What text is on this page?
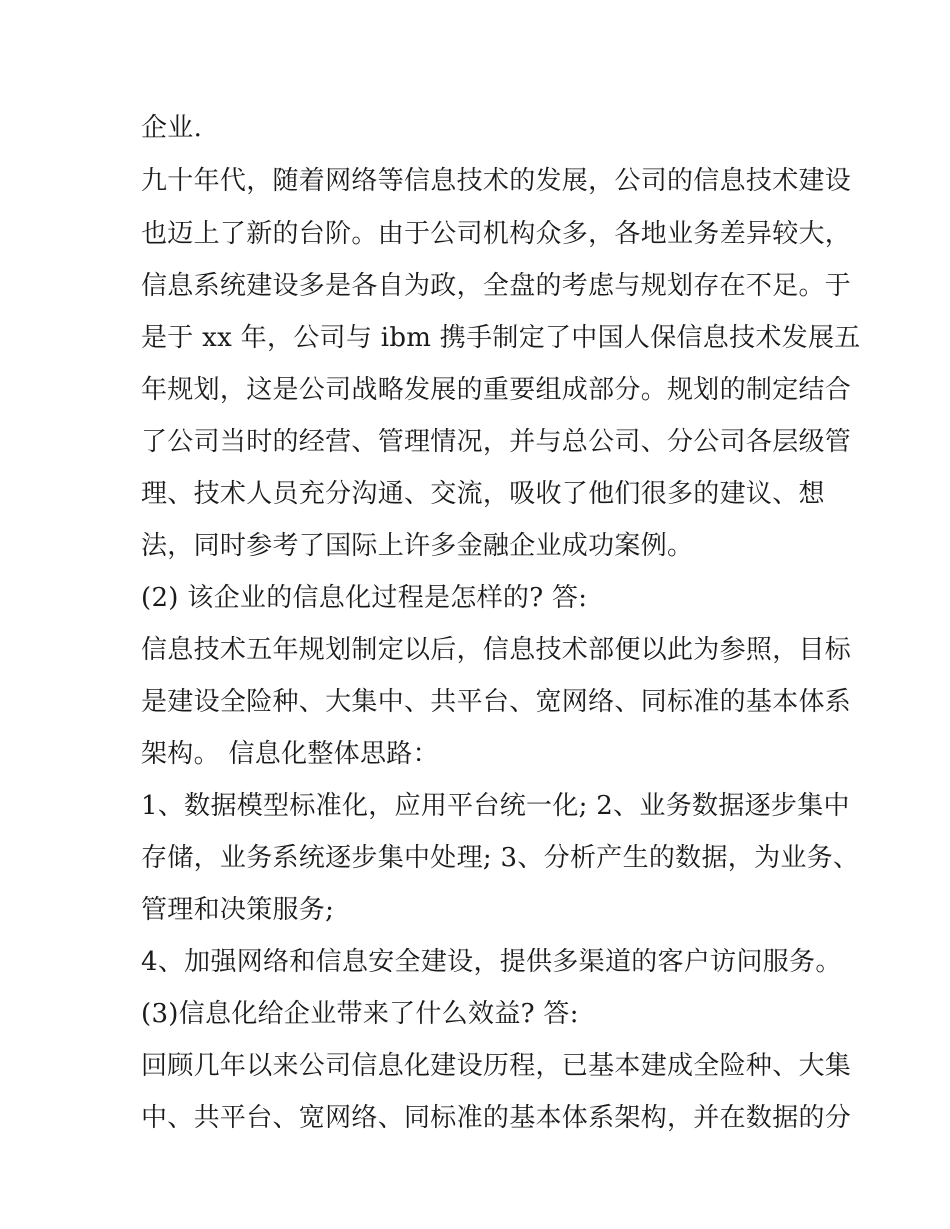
企业.
九十年代，随着网络等信息技术的发展，公司的信息技术建设
也迈上了新的台阶。由于公司机构众多，各地业务差异较大，
信息系统建设多是各自为政，全盘的考虑与规划存在不足。于
是于 xx 年，公司与 ibm 携手制定了中国人保信息技术发展五
年规划，这是公司战略发展的重要组成部分。规划的制定结合
了公司当时的经营、管理情况，并与总公司、分公司各层级管
理、技术人员充分沟通、交流，吸收了他们很多的建议、想
法，同时参考了国际上许多金融企业成功案例。
(2) 该企业的信息化过程是怎样的? 答:
信息技术五年规划制定以后，信息技术部便以此为参照，目标
是建设全险种、大集中、共平台、宽网络、同标准的基本体系
架构。 信息化整体思路：
1、数据模型标准化，应用平台统一化; 2、业务数据逐步集中
存储，业务系统逐步集中处理; 3、分析产生的数据，为业务、
管理和决策服务;
4、加强网络和信息安全建设，提供多渠道的客户访问服务。
(3)信息化给企业带来了什么效益? 答:
回顾几年以来公司信息化建设历程，已基本建成全险种、大集
中、共平台、宽网络、同标准的基本体系架构，并在数据的分
